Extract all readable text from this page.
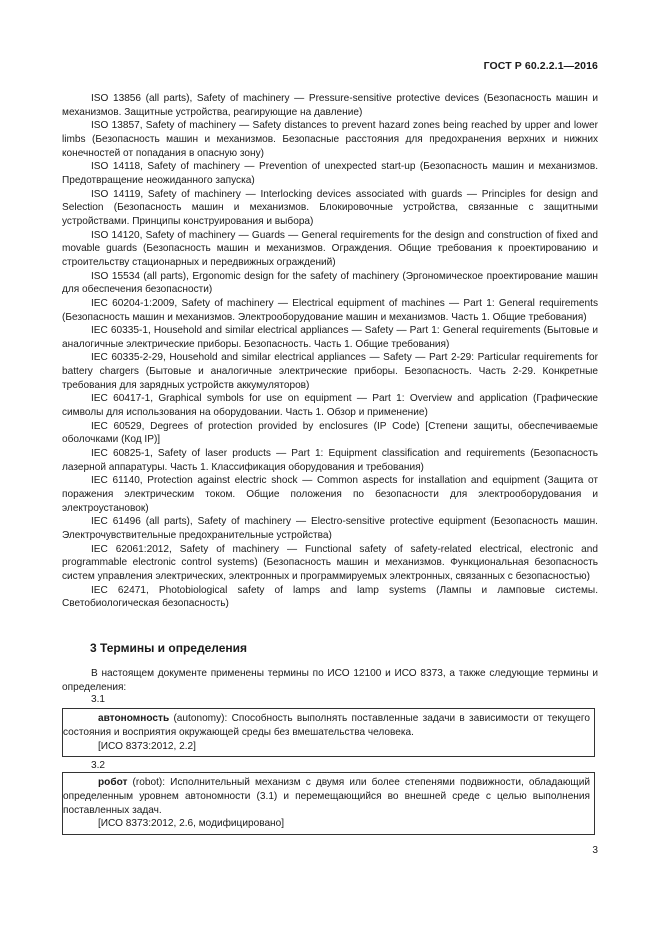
ГОСТ Р 60.2.2.1—2016

ISO 13856 (all parts), Safety of machinery — Pressure-sensitive protective devices (Безопасность машин и механизмов. Защитные устройства, реагирующие на давление)

ISO 13857, Safety of machinery — Safety distances to prevent hazard zones being reached by upper and lower limbs (Безопасность машин и механизмов. Безопасные расстояния для предохранения верхних и нижних конечностей от попадания в опасную зону)

ISO 14118, Safety of machinery — Prevention of unexpected start-up (Безопасность машин и механизмов. Предотвращение неожиданного запуска)

ISO 14119, Safety of machinery — Interlocking devices associated with guards — Principles for design and Selection (Безопасность машин и механизмов. Блокировочные устройства, связанные с защитными устройствами. Принципы конструирования и выбора)

ISO 14120, Safety of machinery — Guards — General requirements for the design and construction of fixed and movable guards (Безопасность машин и механизмов. Ограждения. Общие требования к проектированию и строительству стационарных и передвижных ограждений)

ISO 15534 (all parts), Ergonomic design for the safety of machinery (Эргономическое проектирование машин для обеспечения безопасности)

IEC 60204-1:2009, Safety of machinery — Electrical equipment of machines — Part 1: General requirements (Безопасность машин и механизмов. Электрооборудование машин и механизмов. Часть 1. Общие требования)

IEC 60335-1, Household and similar electrical appliances — Safety — Part 1: General requirements (Бытовые и аналогичные электрические приборы. Безопасность. Часть 1. Общие требования)

IEC 60335-2-29, Household and similar electrical appliances — Safety — Part 2-29: Particular requirements for battery chargers (Бытовые и аналогичные электрические приборы. Безопасность. Часть 2-29. Конкретные требования для зарядных устройств аккумуляторов)

IEC 60417-1, Graphical symbols for use on equipment — Part 1: Overview and application (Графические символы для использования на оборудовании. Часть 1. Обзор и применение)

IEC 60529, Degrees of protection provided by enclosures (IP Code) [Степени защиты, обеспечиваемые оболочками (Код IP)]

IEC 60825-1, Safety of laser products — Part 1: Equipment classification and requirements (Безопасность лазерной аппаратуры. Часть 1. Классификация оборудования и требования)

IEC 61140, Protection against electric shock — Common aspects for installation and equipment (Защита от поражения электрическим током. Общие положения по безопасности для электрооборудования и электроустановок)

IEC 61496 (all parts), Safety of machinery — Electro-sensitive protective equipment (Безопасность машин. Электрочувствительные предохранительные устройства)

IEC 62061:2012, Safety of machinery — Functional safety of safety-related electrical, electronic and programmable electronic control systems) (Безопасность машин и механизмов. Функциональная безопасность систем управления электрических, электронных и программируемых электронных, связанных с безопасностью)

IEC 62471, Photobiological safety of lamps and lamp systems (Лампы и ламповые системы. Светобиологическая безопасность)

3 Термины и определения

В настоящем документе применены термины по ИСО 12100 и ИСО 8373, а также следующие термины и определения:

3.1

автономность (autonomy): Способность выполнять поставленные задачи в зависимости от текущего состояния и восприятия окружающей среды без вмешательства человека.

[ИСО 8373:2012, 2.2]

3.2

робот (robot): Исполнительный механизм с двумя или более степенями подвижности, обладающий определенным уровнем автономности (3.1) и перемещающийся во внешней среде с целью выполнения поставленных задач.

[ИСО 8373:2012, 2.6, модифицировано]

3
